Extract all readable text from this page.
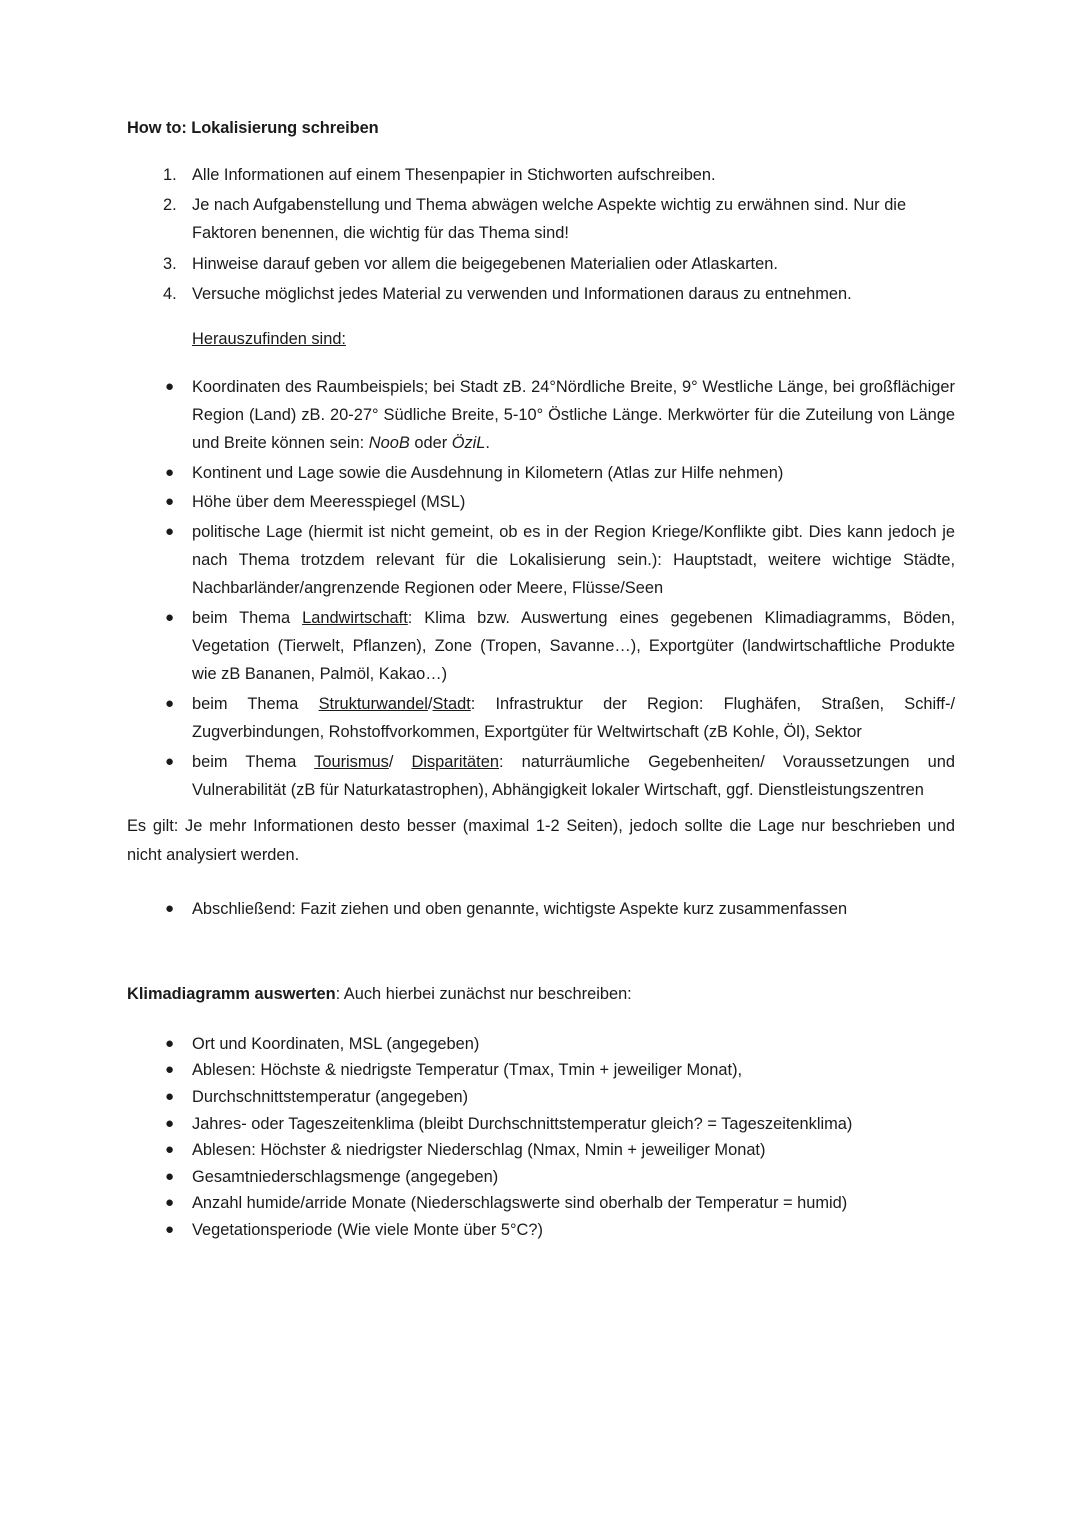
How to: Lokalisierung schreiben
1. Alle Informationen auf einem Thesenpapier in Stichworten aufschreiben.
2. Je nach Aufgabenstellung und Thema abwägen welche Aspekte wichtig zu erwähnen sind. Nur die Faktoren benennen, die wichtig für das Thema sind!
3. Hinweise darauf geben vor allem die beigegebenen Materialien oder Atlaskarten.
4. Versuche möglichst jedes Material zu verwenden und Informationen daraus zu entnehmen.
Herauszufinden sind:
● Koordinaten des Raumbeispiels; bei Stadt zB. 24°Nördliche Breite, 9° Westliche Länge, bei großflächiger Region (Land) zB. 20-27° Südliche Breite, 5-10° Östliche Länge. Merkwörter für die Zuteilung von Länge und Breite können sein: NooB oder ÖziL.
● Kontinent und Lage sowie die Ausdehnung in Kilometern (Atlas zur Hilfe nehmen)
● Höhe über dem Meeresspiegel (MSL)
● politische Lage (hiermit ist nicht gemeint, ob es in der Region Kriege/Konflikte gibt. Dies kann jedoch je nach Thema trotzdem relevant für die Lokalisierung sein.): Hauptstadt, weitere wichtige Städte, Nachbarländer/angrenzende Regionen oder Meere, Flüsse/Seen
● beim Thema Landwirtschaft: Klima bzw. Auswertung eines gegebenen Klimadiagramms, Böden, Vegetation (Tierwelt, Pflanzen), Zone (Tropen, Savanne…), Exportgüter (landwirtschaftliche Produkte wie zB Bananen, Palmöl, Kakao…)
● beim Thema Strukturwandel/Stadt: Infrastruktur der Region: Flughäfen, Straßen, Schiff-/ Zugverbindungen, Rohstoffvorkommen, Exportgüter für Weltwirtschaft (zB Kohle, Öl), Sektor
● beim Thema Tourismus/ Disparitäten: naturräumliche Gegebenheiten/ Voraussetzungen und Vulnerabilität (zB für Naturkatastrophen), Abhängigkeit lokaler Wirtschaft, ggf. Dienstleistungszentren
Es gilt: Je mehr Informationen desto besser (maximal 1-2 Seiten), jedoch sollte die Lage nur beschrieben und nicht analysiert werden.
● Abschließend: Fazit ziehen und oben genannte, wichtigste Aspekte kurz zusammenfassen
Klimadiagramm auswerten: Auch hierbei zunächst nur beschreiben:
● Ort und Koordinaten, MSL (angegeben)
● Ablesen: Höchste & niedrigste Temperatur (Tmax, Tmin + jeweiliger Monat),
● Durchschnittstemperatur (angegeben)
● Jahres- oder Tageszeitenklima (bleibt Durchschnittstemperatur gleich? = Tageszeitenklima)
● Ablesen: Höchster & niedrigster Niederschlag (Nmax, Nmin + jeweiliger Monat)
● Gesamtniederschlagsmenge (angegeben)
● Anzahl humide/arride Monate (Niederschlagswerte sind oberhalb der Temperatur = humid)
● Vegetationsperiode (Wie viele Monte über 5°C?)
